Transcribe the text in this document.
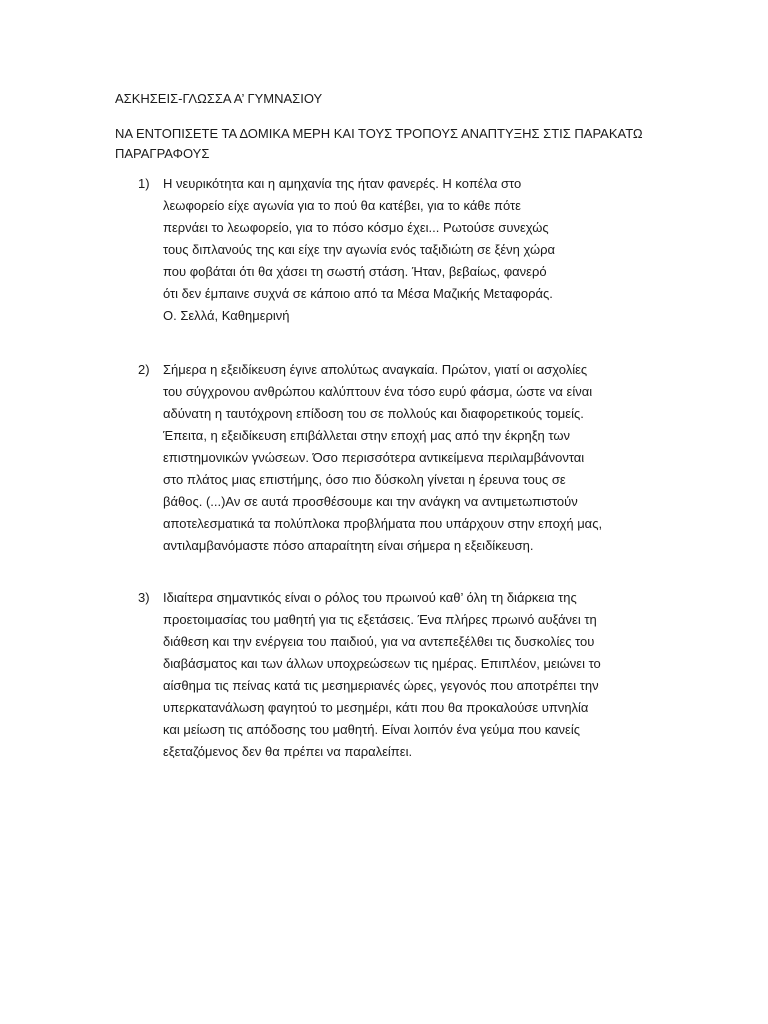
ΑΣΚΗΣΕΙΣ-ΓΛΩΣΣΑ Α’ ΓΥΜΝΑΣΙΟΥ
ΝΑ ΕΝΤΟΠΙΣΕΤΕ ΤΑ ΔΟΜΙΚΑ ΜΕΡΗ ΚΑΙ ΤΟΥΣ ΤΡΟΠΟΥΣ ΑΝΑΠΤΥΞΗΣ ΣΤΙΣ ΠΑΡΑΚΑΤΩ
ΠΑΡΑΓΡΑΦΟΥΣ
1) Η νευρικότητα και η αμηχανία της ήταν φανερές. Η κοπέλα στο
λεωφορείο είχε αγωνία για το πού θα κατέβει, για το κάθε πότε
περνάει το λεωφορείο, για το πόσο κόσμο έχει... Ρωτούσε συνεχώς
τους διπλανούς της και είχε την αγωνία ενός ταξιδιώτη σε ξένη χώρα
που φοβάται ότι θα χάσει τη σωστή στάση. Ήταν, βεβαίως, φανερό
ότι δεν έμπαινε συχνά σε κάποιο από τα Μέσα Μαζικής Μεταφοράς.
Ο. Σελλά, Καθημερινή
2) Σήμερα η εξειδίκευση έγινε απολύτως αναγκαία. Πρώτον, γιατί οι ασχολίες
του σύγχρονου ανθρώπου καλύπτουν ένα τόσο ευρύ φάσμα, ώστε να είναι
αδύνατη η ταυτόχρονη επίδοση του σε πολλούς και διαφορετικούς τομείς.
Έπειτα, η εξειδίκευση επιβάλλεται στην εποχή μας από την έκρηξη των
επιστημονικών γνώσεων. Όσο περισσότερα αντικείμενα περιλαμβάνονται
στο πλάτος μιας επιστήμης, όσο πιο δύσκολη γίνεται η έρευνα τους σε
βάθος. (...)Αν σε αυτά προσθέσουμε και την ανάγκη να αντιμετωπιστούν
αποτελεσματικά τα πολύπλοκα προβλήματα που υπάρχουν στην εποχή μας,
αντιλαμβανόμαστε πόσο απαραίτητη είναι σήμερα η εξειδίκευση.
3) Ιδιαίτερα σημαντικός είναι ο ρόλος του πρωινού καθ’ όλη τη διάρκεια της
προετοιμασίας του μαθητή για τις εξετάσεις. Ένα πλήρες πρωινό αυξάνει τη
διάθεση και την ενέργεια του παιδιού, για να αντεπεξέλθει τις δυσκολίες του
διαβάσματος και των άλλων υποχρεώσεων τις ημέρας. Επιπλέον, μειώνει το
αίσθημα τις πείνας κατά τις μεσημεριανές ώρες, γεγονός που αποτρέπει την
υπερκατανάλωση φαγητού το μεσημέρι, κάτι που θα προκαλούσε υπνηλία
και μείωση τις απόδοσης του μαθητή. Είναι λοιπόν ένα γεύμα που κανείς
εξεταζόμενος δεν θα πρέπει να παραλείπει.
